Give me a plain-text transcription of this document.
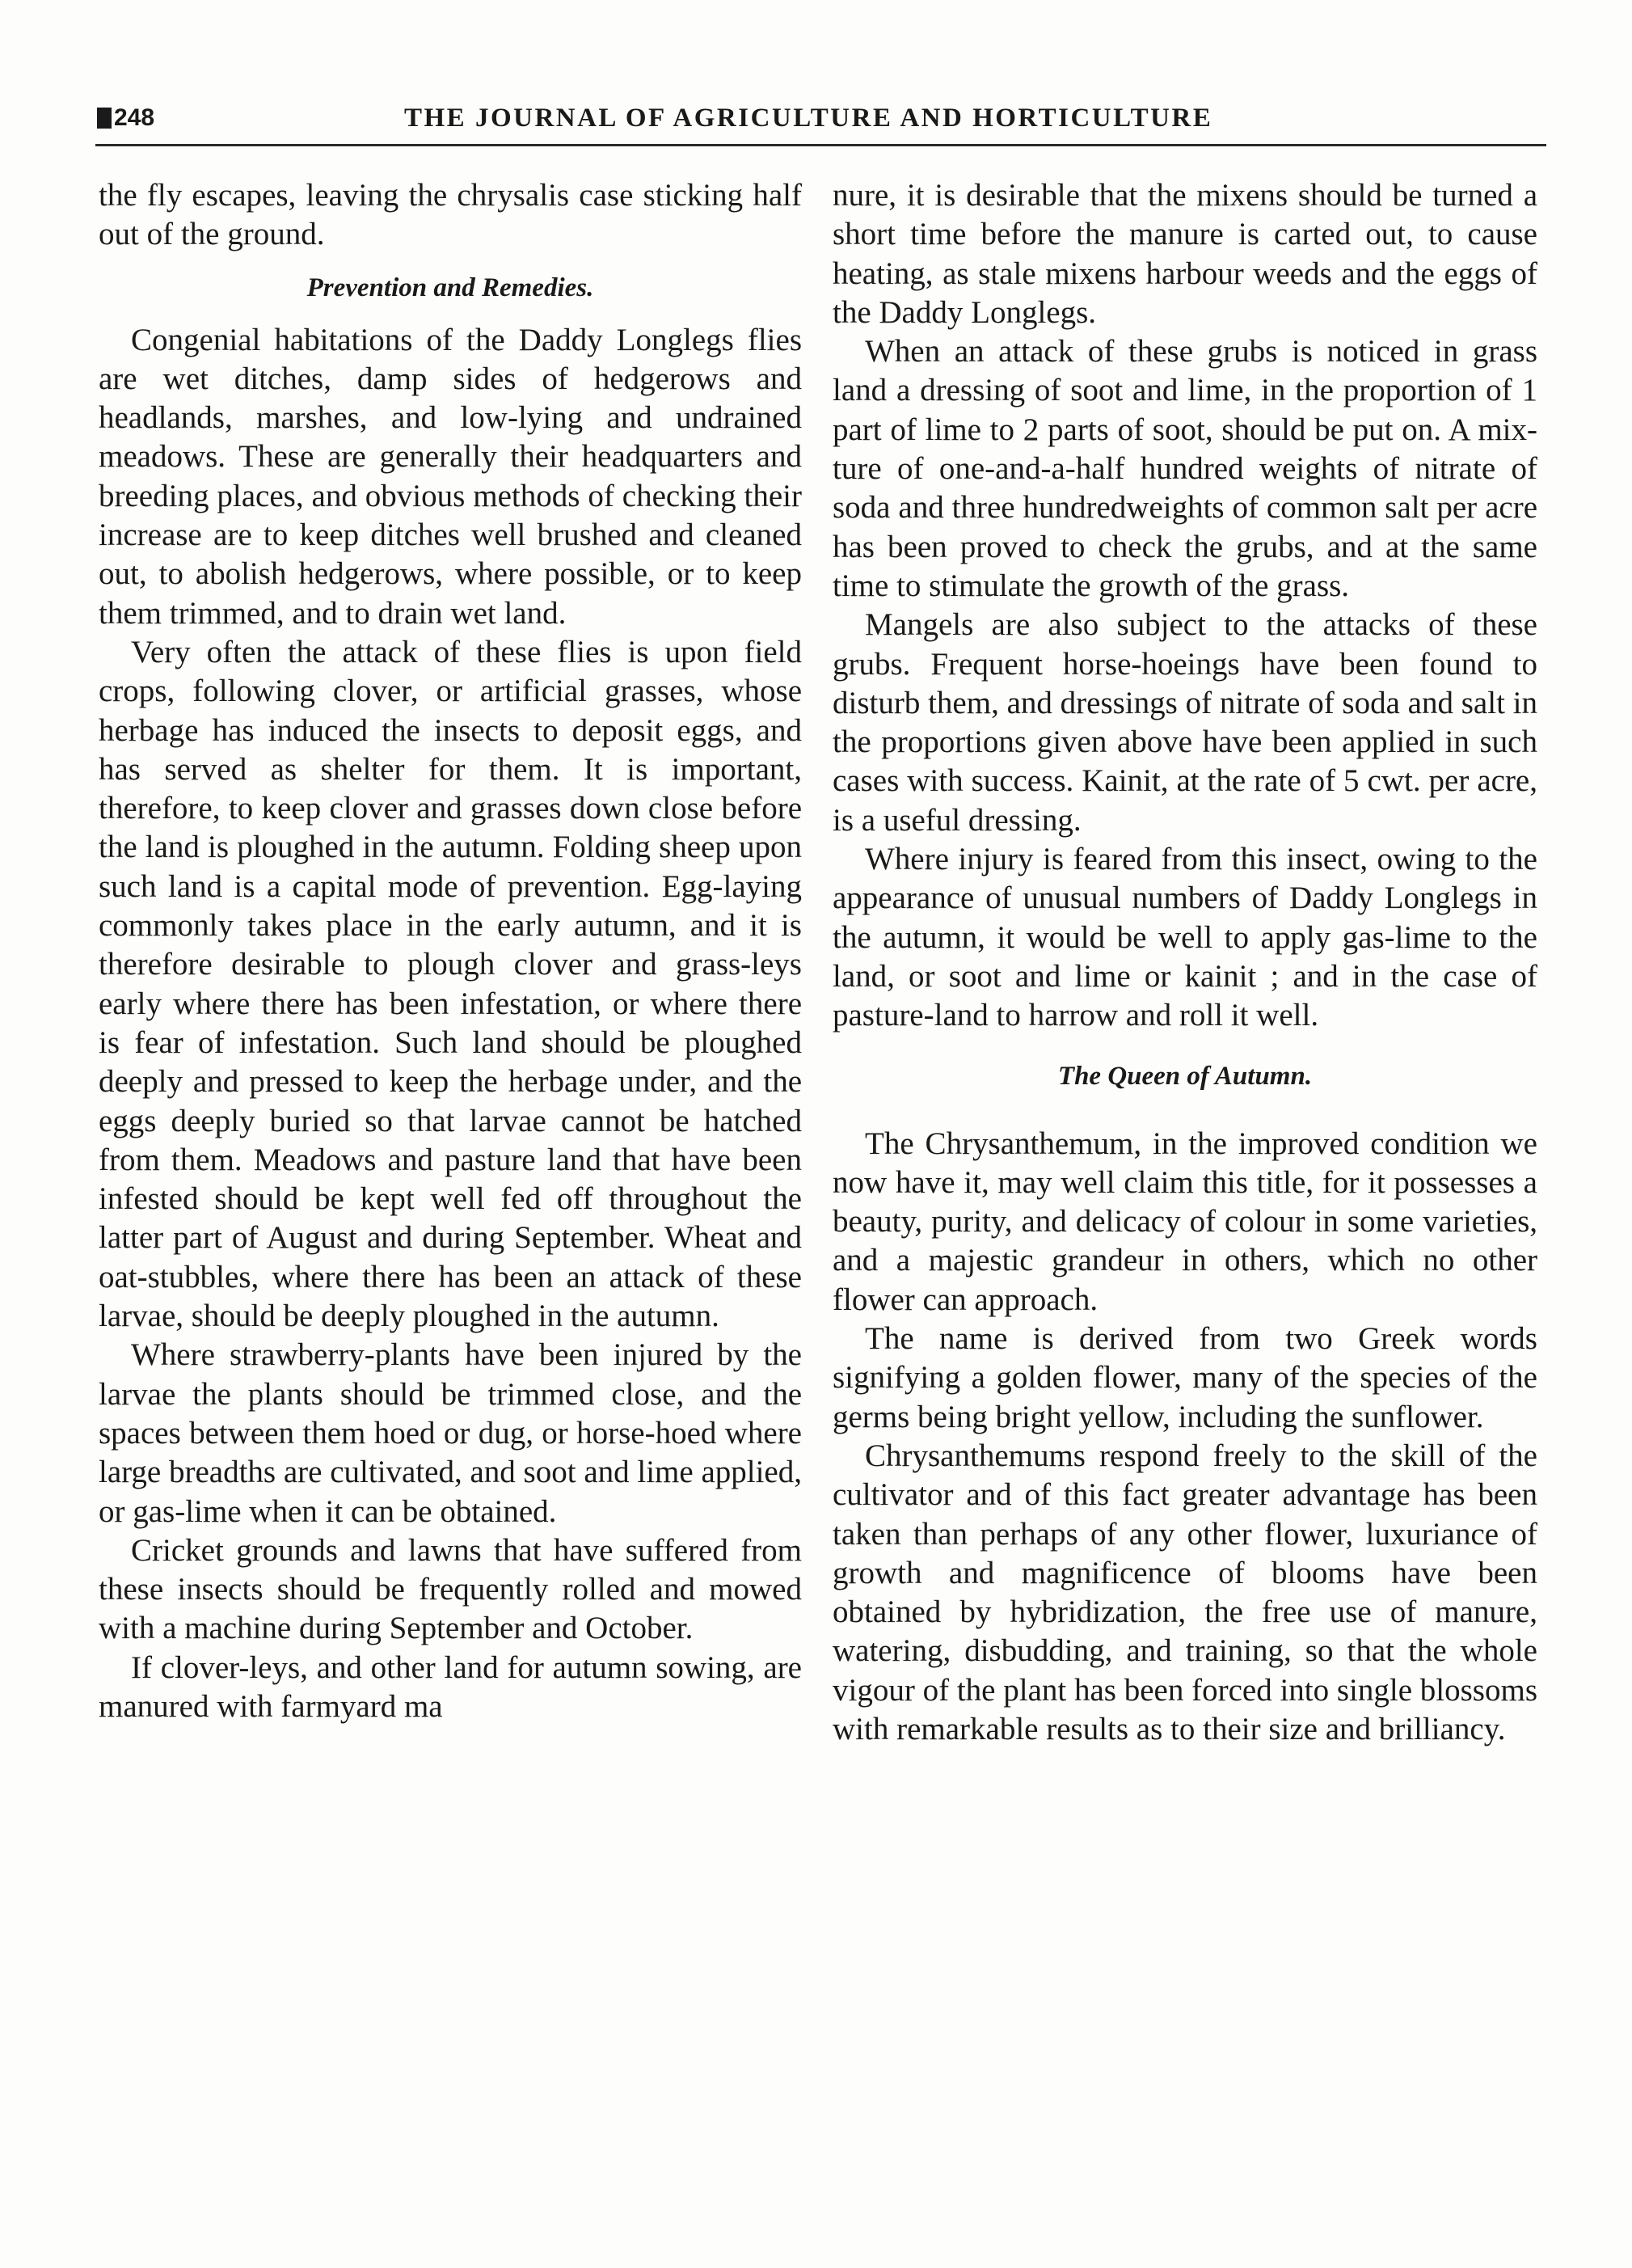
248	THE JOURNAL OF AGRICULTURE AND HORTICULTURE

the fly escapes, leaving the chrysalis case sticking half out of the ground.

Prevention and Remedies.

Congenial habitations of the Daddy Longlegs flies are wet ditches, damp sides of hedgerows and headlands, marshes, and low-lying and undrained meadows. These are generally their headquarters and breeding places, and obvious methods of checking their increase are to keep ditches well brushed and cleaned out, to abolish hedgerows, where possible, or to keep them trimmed, and to drain wet land.

Very often the attack of these flies is upon field crops, following clover, or artificial grasses, whose herbage has induced the insects to deposit eggs, and has served as shelter for them. It is important, therefore, to keep clover and grasses down close before the land is ploughed in the autumn. Folding sheep upon such land is a capital mode of prevention. Egg-laying commonly takes place in the early autumn, and it is therefore desirable to plough clover and grass-leys early where there has been infestation, or where there is fear of infestation. Such land should be ploughed deeply and pressed to keep the herbage under, and the eggs deeply buried so that larvae cannot be hatched from them. Meadows and pasture land that have been infested should be kept well fed off throughout the latter part of August and during September. Wheat and oat-stubbles, where there has been an attack of these larvae, should be deeply ploughed in the autumn.

Where strawberry-plants have been injured by the larvae the plants should be trimmed close, and the spaces between them hoed or dug, or horse-hoed where large breadths are cultivated, and soot and lime applied, or gas-lime when it can be obtained.

Cricket grounds and lawns that have suffered from these insects should be frequently rolled and mowed with a machine during September and October.

If clover-leys, and other land for autumn sowing, are manured with farmyard ma

nure, it is desirable that the mixens should be turned a short time before the manure is carted out, to cause heating, as stale mixens harbour weeds and the eggs of the Daddy Longlegs.

When an attack of these grubs is noticed in grass land a dressing of soot and lime, in the proportion of 1 part of lime to 2 parts of soot, should be put on. A mixture of one-and-a-half hundred weights of nitrate of soda and three hundredweights of common salt per acre has been proved to check the grubs, and at the same time to stimulate the growth of the grass.

Mangels are also subject to the attacks of these grubs. Frequent horse-hoeings have been found to disturb them, and dressings of nitrate of soda and salt in the proportions given above have been applied in such cases with success. Kainit, at the rate of 5 cwt. per acre, is a useful dressing.

Where injury is feared from this insect, owing to the appearance of unusual numbers of Daddy Longlegs in the autumn, it would be well to apply gas-lime to the land, or soot and lime or kainit ; and in the case of pasture-land to harrow and roll it well.

The Queen of Autumn.

The Chrysanthemum, in the improved condition we now have it, may well claim this title, for it possesses a beauty, purity, and delicacy of colour in some varieties, and a majestic grandeur in others, which no other flower can approach.

The name is derived from two Greek words signifying a golden flower, many of the species of the germs being bright yellow, including the sunflower.

Chrysanthemums respond freely to the skill of the cultivator and of this fact greater advantage has been taken than perhaps of any other flower, luxuriance of growth and magnificence of blooms have been obtained by hybridization, the free use of manure, watering, disbudding, and training, so that the whole vigour of the plant has been forced into single blossoms with remarkable results as to their size and brilliancy.
